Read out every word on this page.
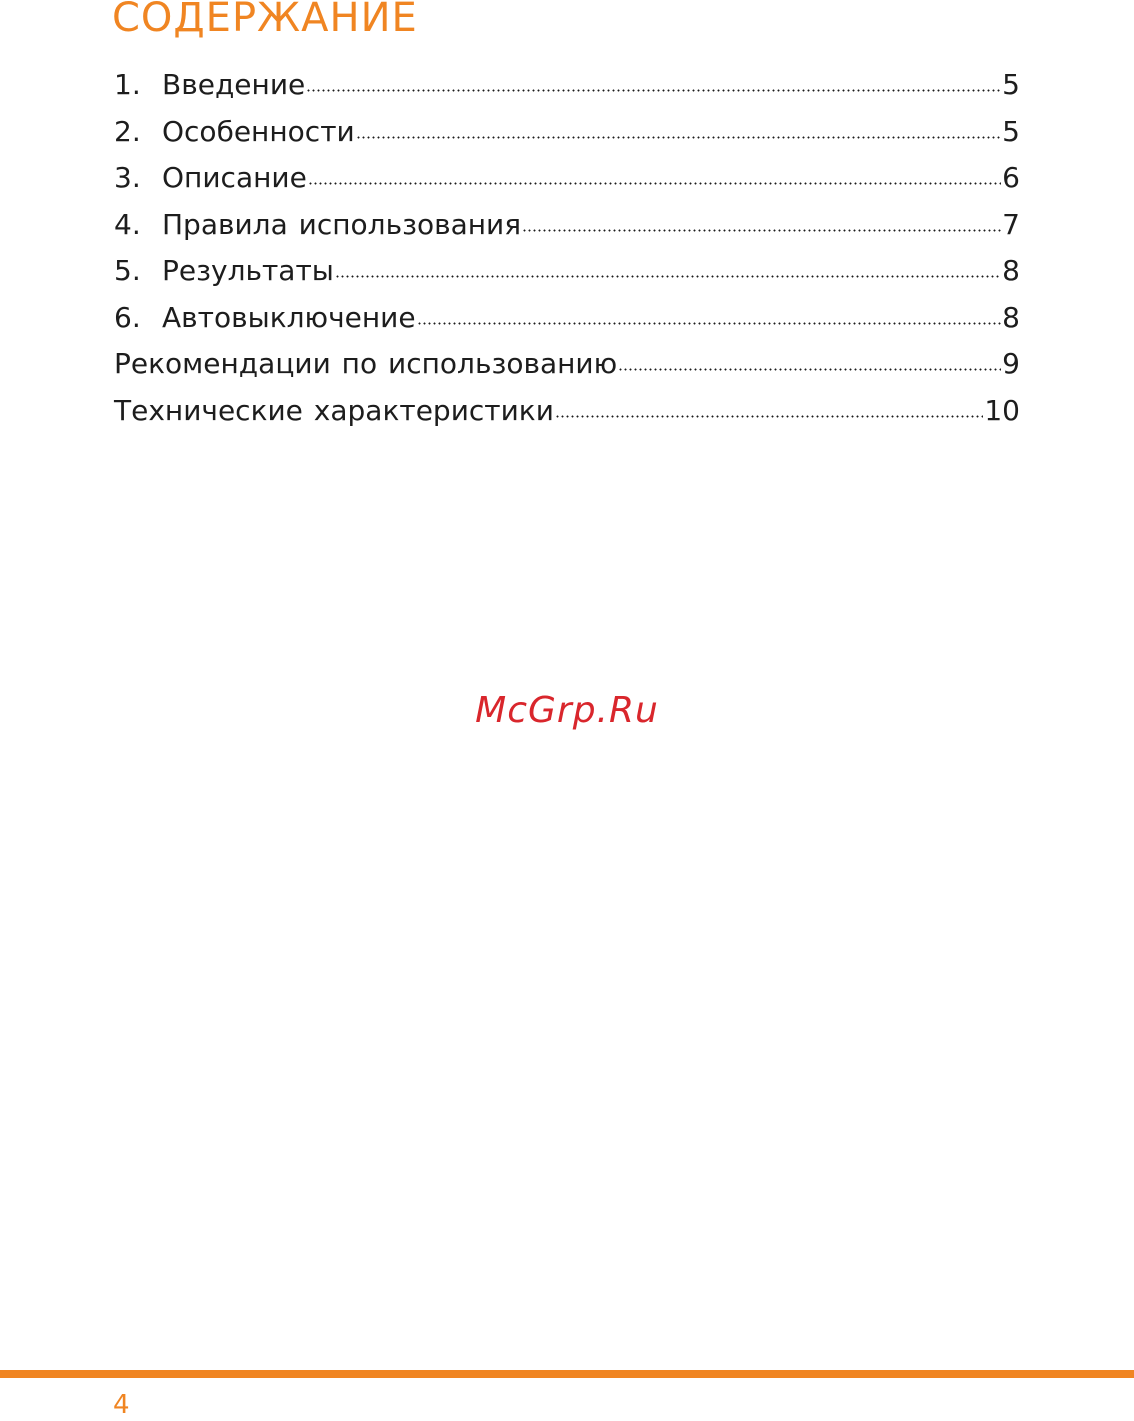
СОДЕРЖАНИЕ
1. Введение	5
2. Особенности	5
3. Описание	6
4. Правила использования	7
5. Результаты	8
6. Автовыключение	8
Рекомендации по использованию	9
Технические характеристики	10
McGrp.Ru
4
